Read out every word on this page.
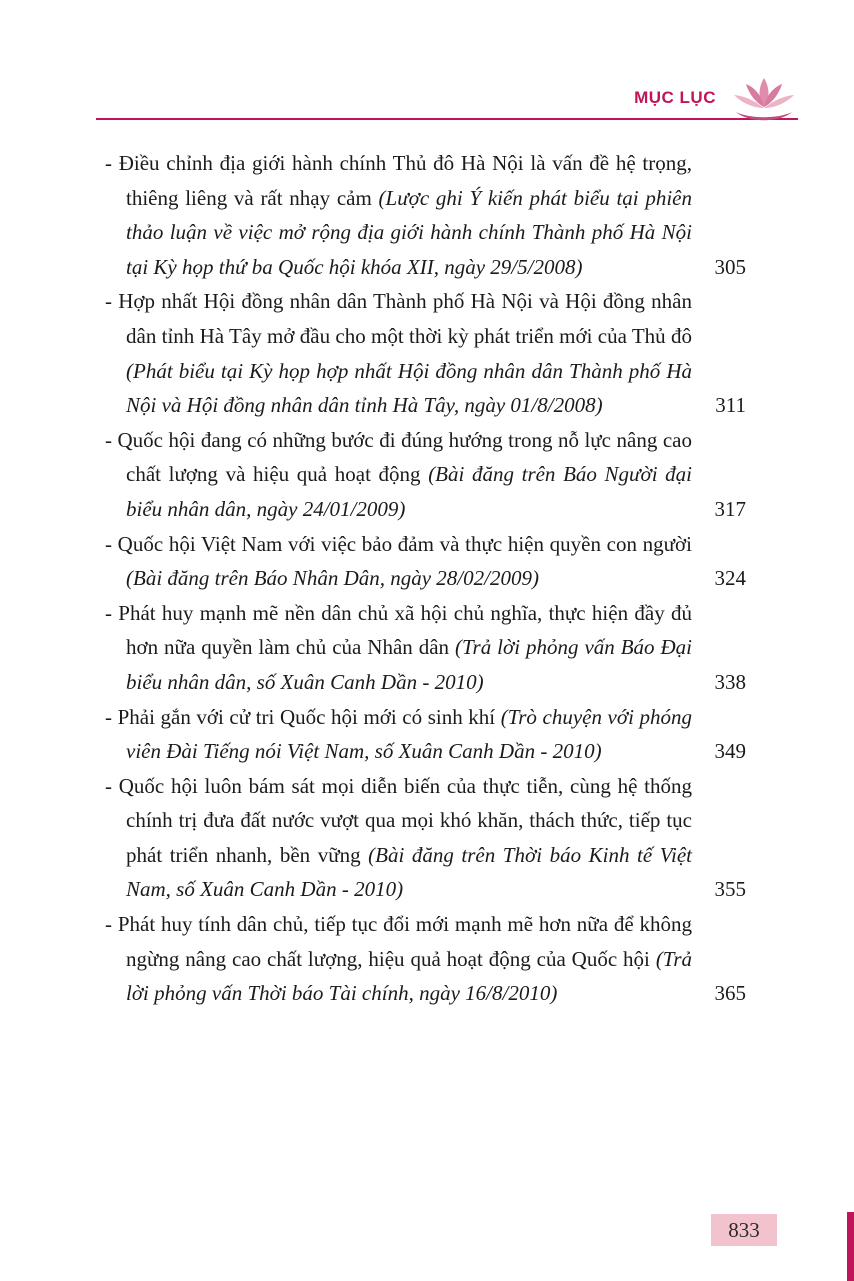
MỤC LỤC
- Điều chỉnh địa giới hành chính Thủ đô Hà Nội là vấn đề hệ trọng, thiêng liêng và rất nhạy cảm (Lược ghi Ý kiến phát biểu tại phiên thảo luận về việc mở rộng địa giới hành chính Thành phố Hà Nội tại Kỳ họp thứ ba Quốc hội khóa XII, ngày 29/5/2008)	305
- Hợp nhất Hội đồng nhân dân Thành phố Hà Nội và Hội đồng nhân dân tỉnh Hà Tây mở đầu cho một thời kỳ phát triển mới của Thủ đô (Phát biểu tại Kỳ họp hợp nhất Hội đồng nhân dân Thành phố Hà Nội và Hội đồng nhân dân tỉnh Hà Tây, ngày 01/8/2008)	311
- Quốc hội đang có những bước đi đúng hướng trong nỗ lực nâng cao chất lượng và hiệu quả hoạt động (Bài đăng trên Báo Người đại biểu nhân dân, ngày 24/01/2009)	317
- Quốc hội Việt Nam với việc bảo đảm và thực hiện quyền con người (Bài đăng trên Báo Nhân Dân, ngày 28/02/2009)	324
- Phát huy mạnh mẽ nền dân chủ xã hội chủ nghĩa, thực hiện đầy đủ hơn nữa quyền làm chủ của Nhân dân (Trả lời phỏng vấn Báo Đại biểu nhân dân, số Xuân Canh Dần - 2010)	338
- Phải gắn với cử tri Quốc hội mới có sinh khí (Trò chuyện với phóng viên Đài Tiếng nói Việt Nam, số Xuân Canh Dần - 2010)	349
- Quốc hội luôn bám sát mọi diễn biến của thực tiễn, cùng hệ thống chính trị đưa đất nước vượt qua mọi khó khăn, thách thức, tiếp tục phát triển nhanh, bền vững (Bài đăng trên Thời báo Kinh tế Việt Nam, số Xuân Canh Dần - 2010)	355
- Phát huy tính dân chủ, tiếp tục đổi mới mạnh mẽ hơn nữa để không ngừng nâng cao chất lượng, hiệu quả hoạt động của Quốc hội (Trả lời phỏng vấn Thời báo Tài chính, ngày 16/8/2010)	365
833
